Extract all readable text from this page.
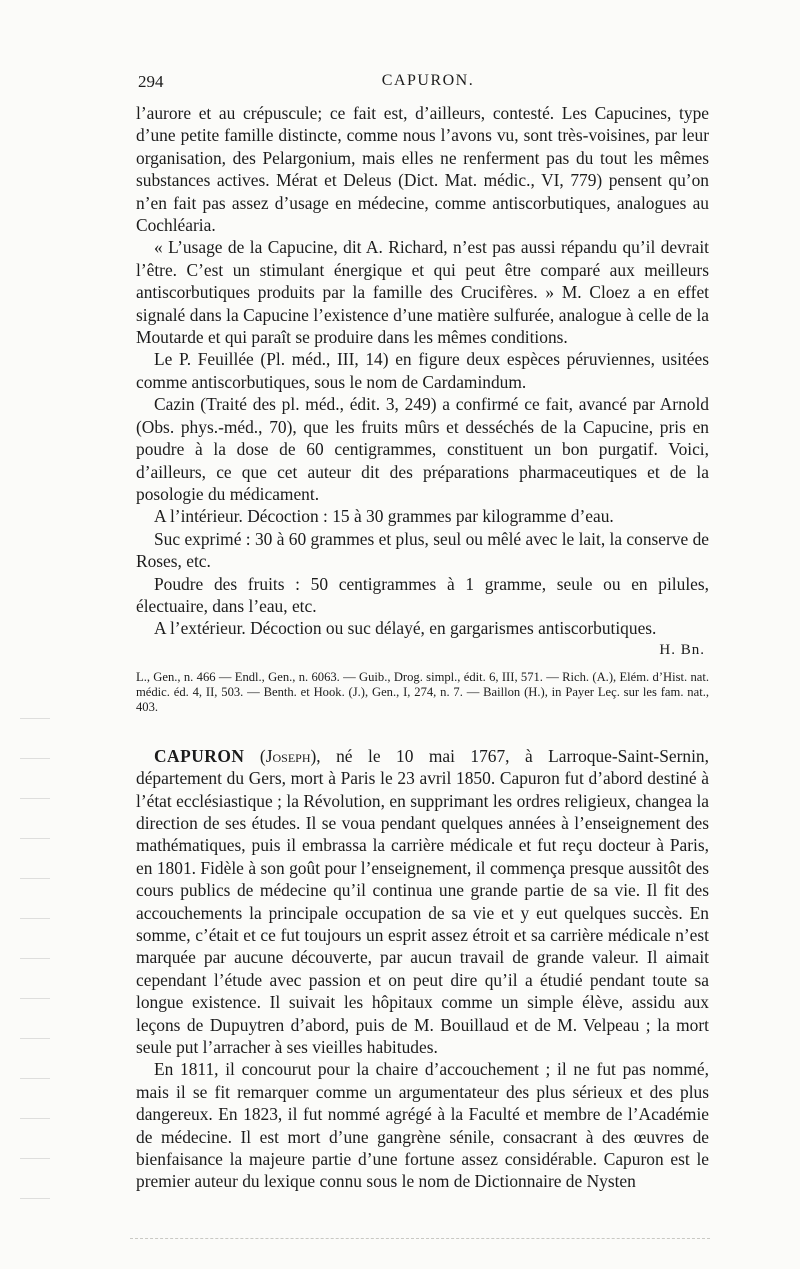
294	CAPURON.

l’aurore et au crépuscule; ce fait est, d’ailleurs, contesté. Les Capucines, type d’une petite famille distincte, comme nous l’avons vu, sont très-voisines, par leur organisation, des Pelargonium, mais elles ne renferment pas du tout les mêmes substances actives. Mérat et Deleus (Dict. Mat. médic., VI, 779) pensent qu’on n’en fait pas assez d’usage en médecine, comme antiscorbutiques, analogues au Cochléaria.

« L’usage de la Capucine, dit A. Richard, n’est pas aussi répandu qu’il devrait l’être. C’est un stimulant énergique et qui peut être comparé aux meilleurs antiscorbutiques produits par la famille des Crucifères. » M. Cloez a en effet signalé dans la Capucine l’existence d’une matière sulfurée, analogue à celle de la Moutarde et qui paraît se produire dans les mêmes conditions.

Le P. Feuillée (Pl. méd., III, 14) en figure deux espèces péruviennes, usitées comme antiscorbutiques, sous le nom de Cardamindum.

Cazin (Traité des pl. méd., édit. 3, 249) a confirmé ce fait, avancé par Arnold (Obs. phys.-méd., 70), que les fruits mûrs et desséchés de la Capucine, pris en poudre à la dose de 60 centigrammes, constituent un bon purgatif. Voici, d’ailleurs, ce que cet auteur dit des préparations pharmaceutiques et de la posologie du médicament.

A l’intérieur. Décoction : 15 à 30 grammes par kilogramme d’eau.

Suc exprimé : 30 à 60 grammes et plus, seul ou mêlé avec le lait, la conserve de Roses, etc.

Poudre des fruits : 50 centigrammes à 1 gramme, seule ou en pilules, électuaire, dans l’eau, etc.

A l’extérieur. Décoction ou suc délayé, en gargarismes antiscorbutiques.

H. Bn.

L., Gen., n. 466 — Endl., Gen., n. 6063. — Guib., Drog. simpl., édit. 6, III, 571. — Rich. (A.), Elém. d’Hist. nat. médic. éd. 4, II, 503. — Benth. et Hook. (J.), Gen., I, 274, n. 7. — Baillon (H.), in Payer Leç. sur les fam. nat., 403.

CAPURON (Joseph), né le 10 mai 1767, à Larroque-Saint-Sernin, département du Gers, mort à Paris le 23 avril 1850. Capuron fut d’abord destiné à l’état ecclésiastique ; la Révolution, en supprimant les ordres religieux, changea la direction de ses études. Il se voua pendant quelques années à l’enseignement des mathématiques, puis il embrassa la carrière médicale et fut reçu docteur à Paris, en 1801. Fidèle à son goût pour l’enseignement, il commença presque aussitôt des cours publics de médecine qu’il continua une grande partie de sa vie. Il fit des accouchements la principale occupation de sa vie et y eut quelques succès. En somme, c’était et ce fut toujours un esprit assez étroit et sa carrière médicale n’est marquée par aucune découverte, par aucun travail de grande valeur. Il aimait cependant l’étude avec passion et on peut dire qu’il a étudié pendant toute sa longue existence. Il suivait les hôpitaux comme un simple élève, assidu aux leçons de Dupuytren d’abord, puis de M. Bouillaud et de M. Velpeau ; la mort seule put l’arracher à ses vieilles habitudes.

En 1811, il concourut pour la chaire d’accouchement ; il ne fut pas nommé, mais il se fit remarquer comme un argumentateur des plus sérieux et des plus dangereux. En 1823, il fut nommé agrégé à la Faculté et membre de l’Académie de médecine. Il est mort d’une gangrène sénile, consacrant à des œuvres de bienfaisance la majeure partie d’une fortune assez considérable. Capuron est le premier auteur du lexique connu sous le nom de Dictionnaire de Nysten
